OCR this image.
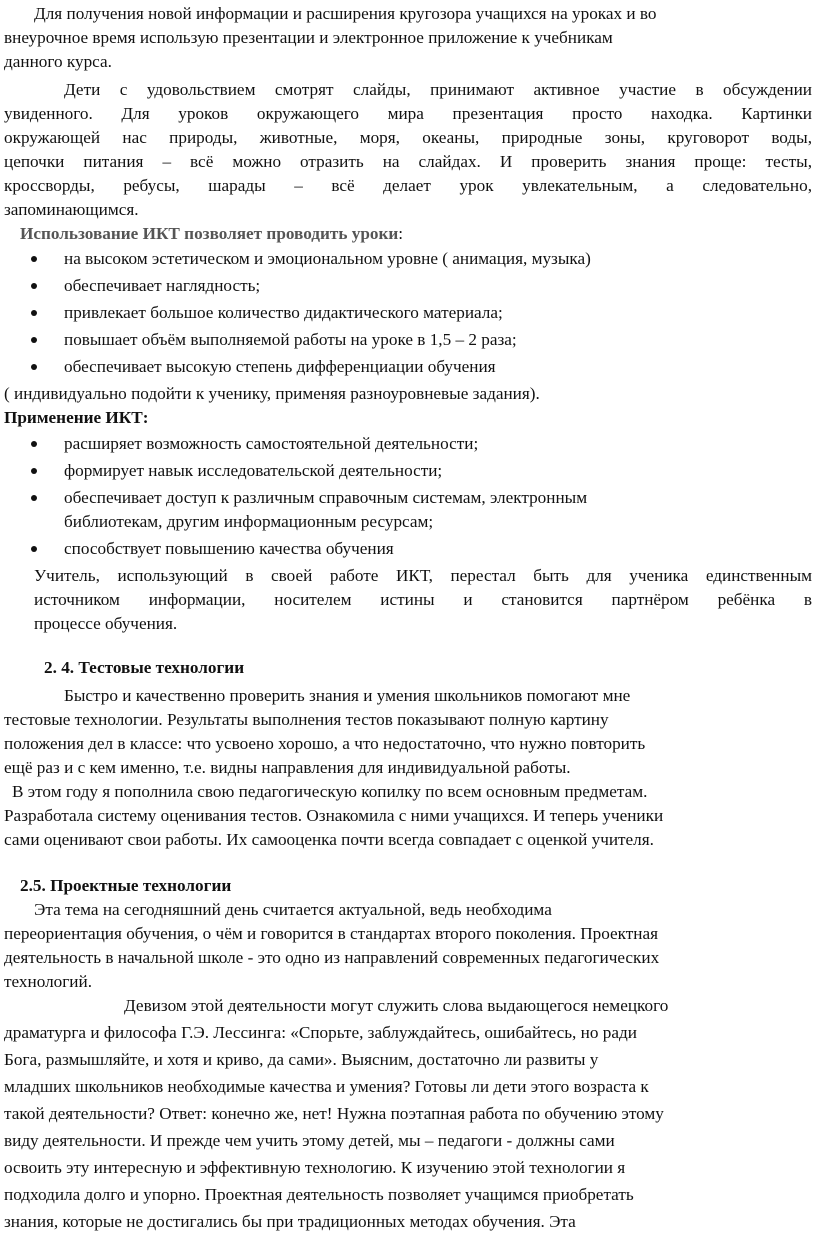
Для получения новой информации и расширения кругозора учащихся на уроках и во
внеурочное время использую презентации и электронное приложение к учебникам
данного курса.
Дети с удовольствием смотрят слайды, принимают активное участие в обсуждении
увиденного. Для уроков окружающего мира презентация просто находка. Картинки
окружающей нас природы, животные, моря, океаны, природные зоны, круговорот воды,
цепочки питания – всё можно отразить на слайдах. И проверить знания проще: тесты,
кроссворды, ребусы, шарады – всё делает урок увлекательным, а следовательно,
запоминающимся.
Использование ИКТ позволяет проводить уроки:
на высоком эстетическом и эмоциональном уровне ( анимация, музыка)
обеспечивает наглядность;
привлекает большое количество дидактического материала;
повышает объём выполняемой работы на уроке в 1,5 – 2 раза;
обеспечивает высокую степень дифференциации обучения
( индивидуально подойти к ученику, применяя разноуровневые задания).
Применение ИКТ:
расширяет возможность самостоятельной деятельности;
формирует навык исследовательской деятельности;
обеспечивает доступ к различным справочным системам, электронным
библиотекам, другим информационным ресурсам;
способствует повышению качества обучения
Учитель, использующий в своей работе ИКТ, перестал быть для ученика единственным
источником информации, носителем истины и становится партнёром ребёнка в
процессе обучения.
2. 4. Тестовые технологии
Быстро и качественно проверить знания и умения школьников помогают мне
тестовые технологии. Результаты выполнения тестов показывают полную картину
положения дел в классе: что усвоено хорошо, а что недостаточно, что нужно повторить
ещё раз и с кем именно, т.е. видны направления для индивидуальной работы.
В этом году я пополнила свою педагогическую копилку по всем основным предметам.
Разработала систему оценивания тестов. Ознакомила с ними учащихся. И теперь ученики
сами оценивают свои работы. Их самооценка почти всегда совпадает с оценкой учителя.
2.5. Проектные технологии
Эта тема на сегодняшний день считается актуальной, ведь необходима
переориентация обучения, о чём и говорится в стандартах второго поколения. Проектная
деятельность в начальной школе - это одно из направлений современных педагогических
технологий.
Девизом этой деятельности могут служить слова выдающегося немецкого
драматурга и философа Г.Э. Лессинга: «Спорьте, заблуждайтесь, ошибайтесь, но ради
Бога, размышляйте, и хотя и криво, да сами». Выясним, достаточно ли развиты у
младших школьников необходимые качества и умения? Готовы ли дети этого возраста к
такой деятельности? Ответ: конечно же, нет! Нужна поэтапная работа по обучению этому
виду деятельности. И прежде чем учить этому детей, мы – педагоги - должны сами
освоить эту интересную и эффективную технологию. К изучению этой технологии я
подходила долго и упорно. Проектная деятельность позволяет учащимся приобретать
знания, которые не достигались бы при традиционных методах обучения. Эта
